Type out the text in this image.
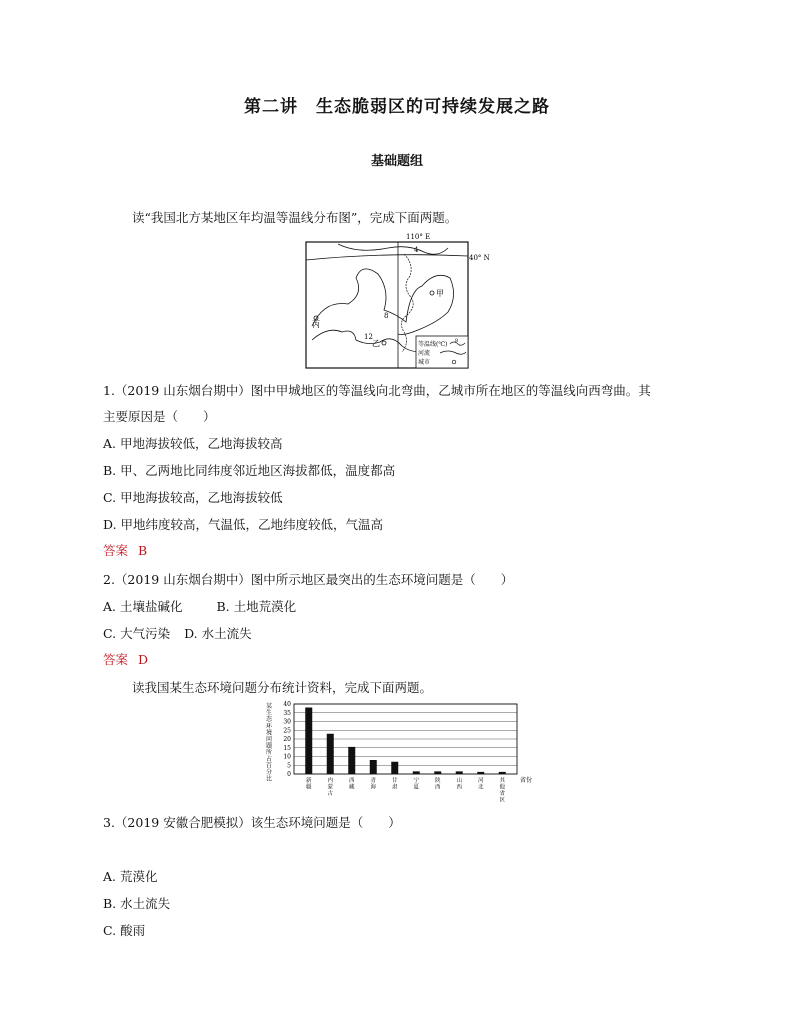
第二讲 生态脆弱区的可持续发展之路
基础题组
读“我国北方某地区年均温等温线分布图”，完成下面两题。
110° E
40° N
4
8
12
甲
乙
丙
等温线(℃) 8
河流
城市
1.（2019 山东烟台期中）图中甲城地区的等温线向北弯曲，乙城市所在地区的等温线向西弯曲。其
主要原因是（　　）
A. 甲地海拔较低，乙地海拔较高
B. 甲、乙两地比同纬度邻近地区海拔都低，温度都高
C. 甲地海拔较高，乙地海拔较低
D. 甲地纬度较高，气温低，乙地纬度较低，气温高
答案 B
2.（2019 山东烟台期中）图中所示地区最突出的生态环境问题是（　　）
A. 土壤盐碱化	B. 土地荒漠化
C. 大气污染 D. 水土流失
答案 D
读我国某生态环境问题分布统计资料，完成下面两题。
某
生
态
环
境
问
题
所
占
百
分
比
0
5
10
15
20
25
30
35
40
新
疆
内
蒙
古
西
藏
青
海
甘
肃
宁
夏
陕
西
山
西
河
北
其
他
省
区
省份
3.（2019 安徽合肥模拟）该生态环境问题是（　　）
A. 荒漠化
B. 水土流失
C. 酸雨
